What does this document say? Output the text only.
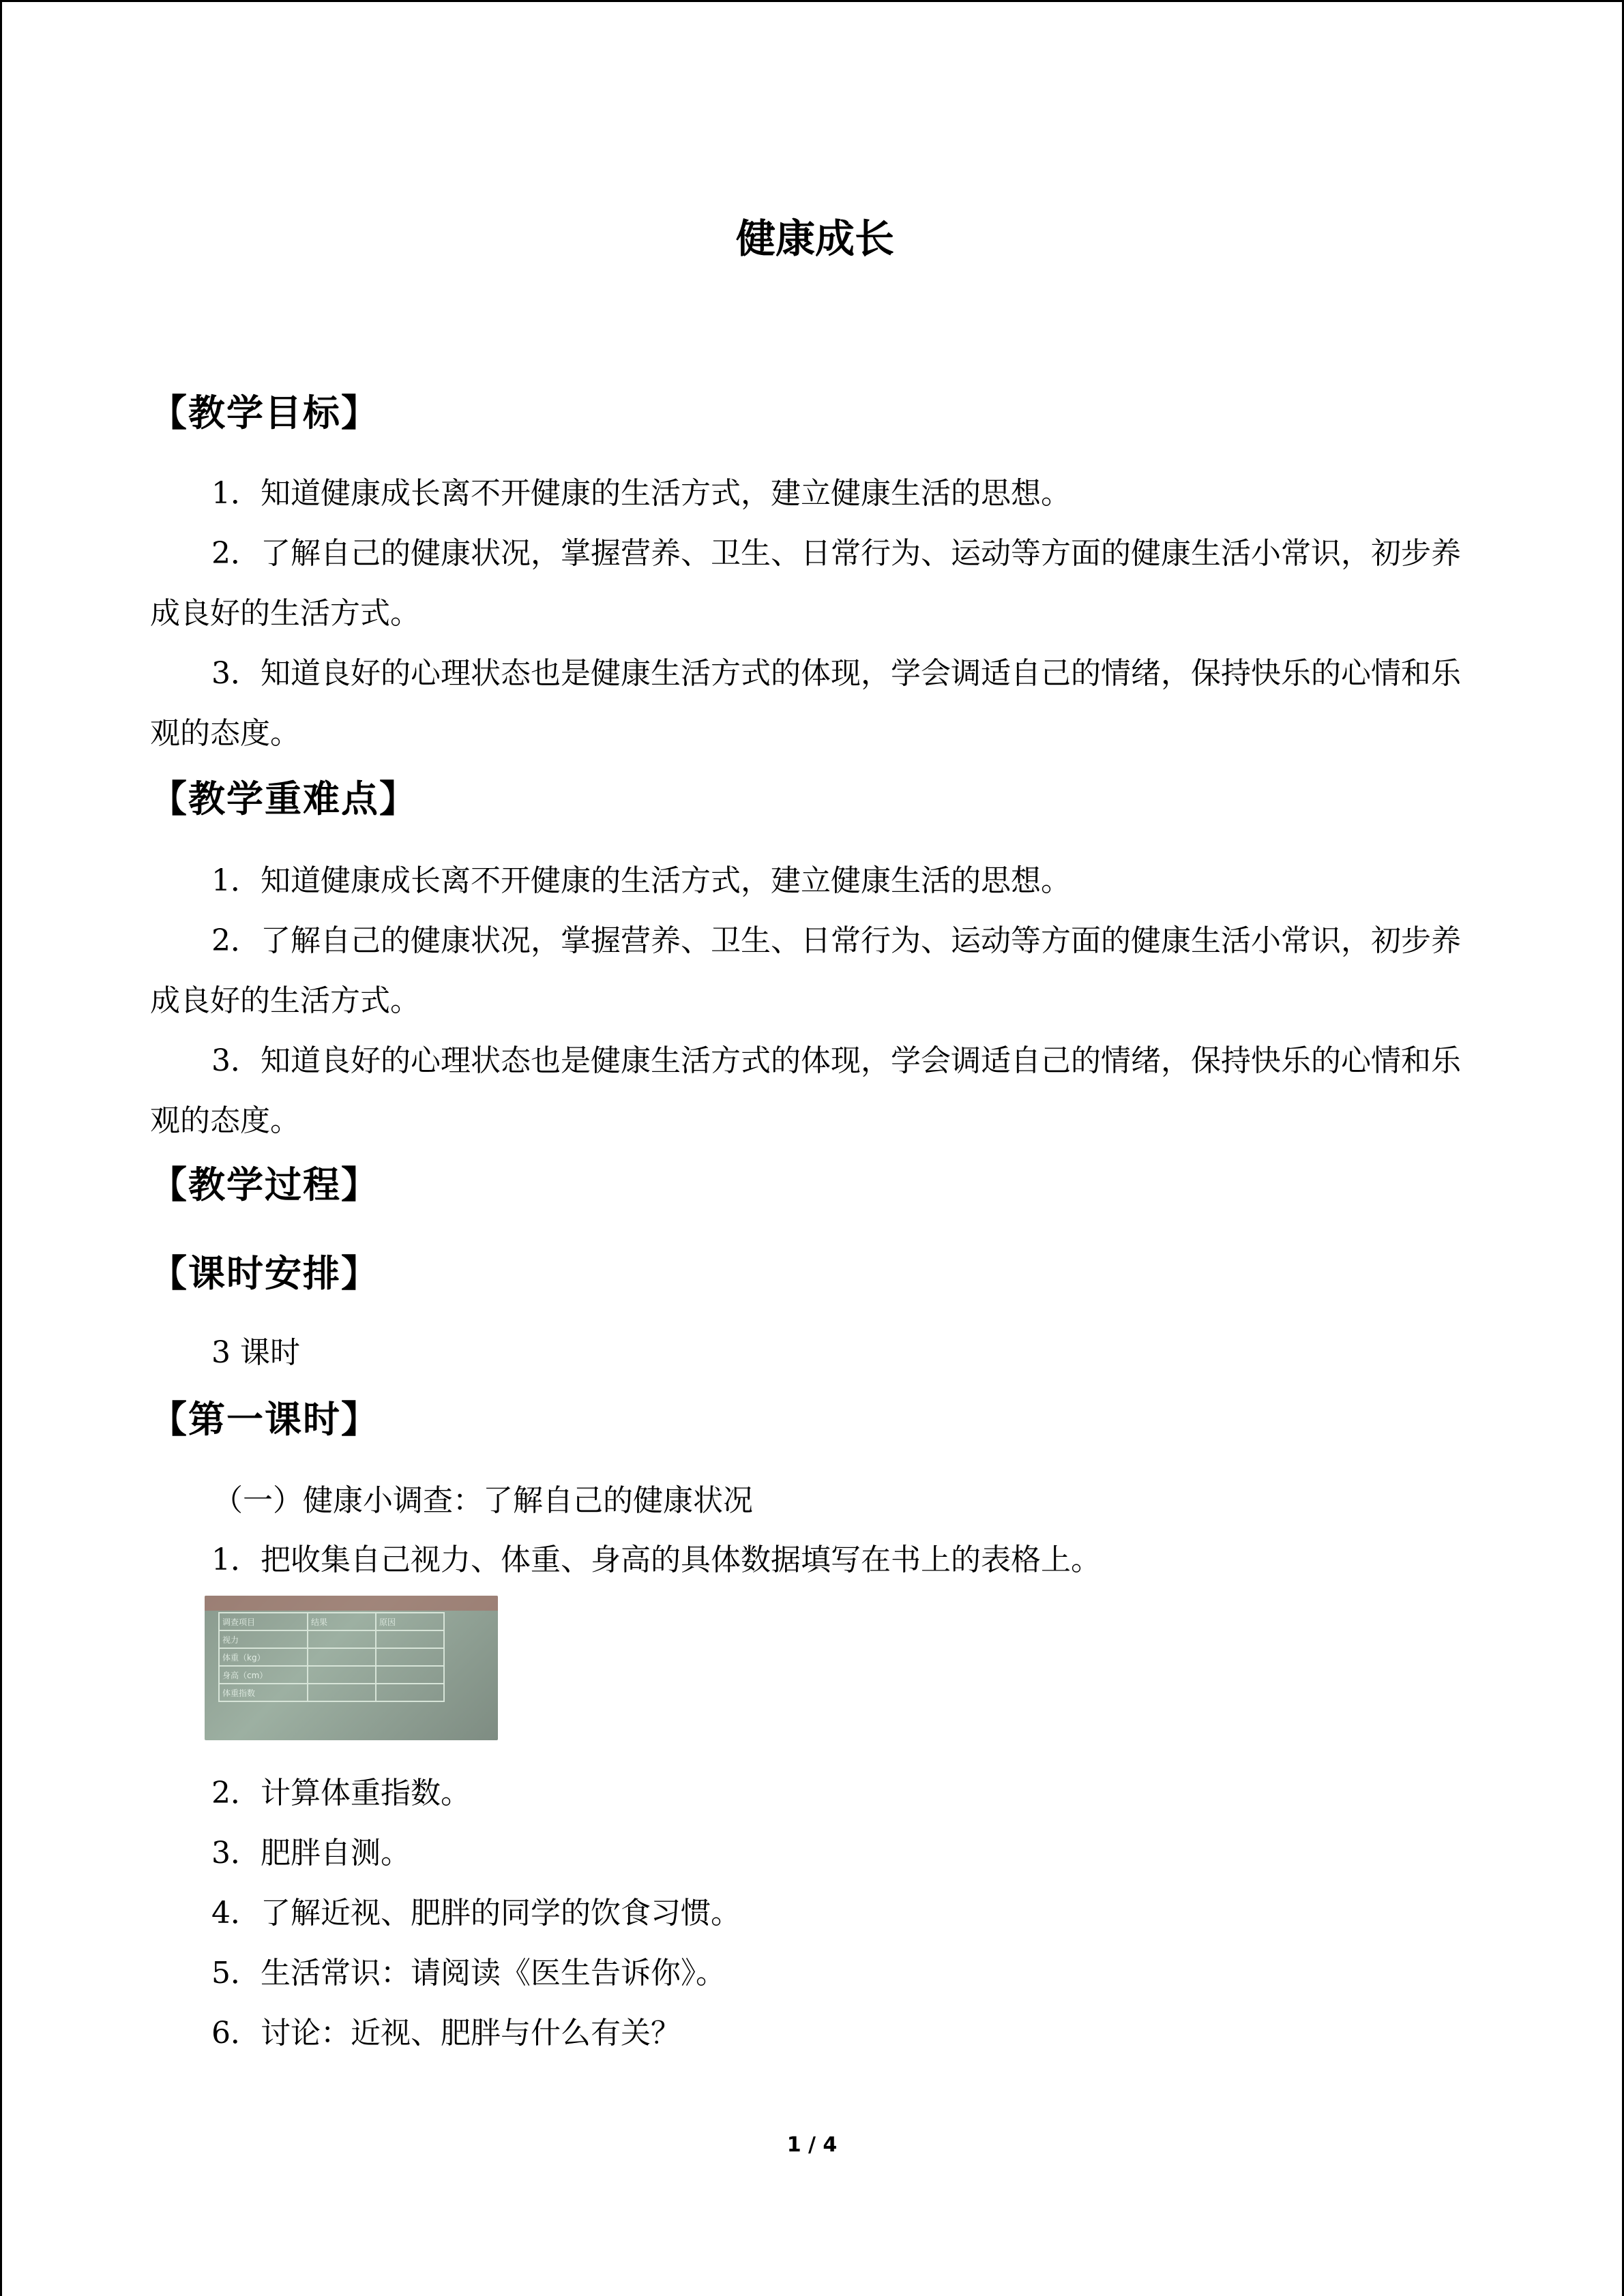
健康成长
【教学目标】
1．知道健康成长离不开健康的生活方式，建立健康生活的思想。
2．了解自己的健康状况，掌握营养、卫生、日常行为、运动等方面的健康生活小常识，初步养成良好的生活方式。
3．知道良好的心理状态也是健康生活方式的体现，学会调适自己的情绪，保持快乐的心情和乐观的态度。
【教学重难点】
1．知道健康成长离不开健康的生活方式，建立健康生活的思想。
2．了解自己的健康状况，掌握营养、卫生、日常行为、运动等方面的健康生活小常识，初步养成良好的生活方式。
3．知道良好的心理状态也是健康生活方式的体现，学会调适自己的情绪，保持快乐的心情和乐观的态度。
【教学过程】
【课时安排】
3 课时
【第一课时】
（一）健康小调查：了解自己的健康状况
1．把收集自己视力、体重、身高的具体数据填写在书上的表格上。
调查项目	结果	原因
视力		
体重（kg）		
身高（cm）		
体重指数		
2．计算体重指数。
3．肥胖自测。
4．了解近视、肥胖的同学的饮食习惯。
5．生活常识：请阅读《医生告诉你》。
6．讨论：近视、肥胖与什么有关？
1 / 4
